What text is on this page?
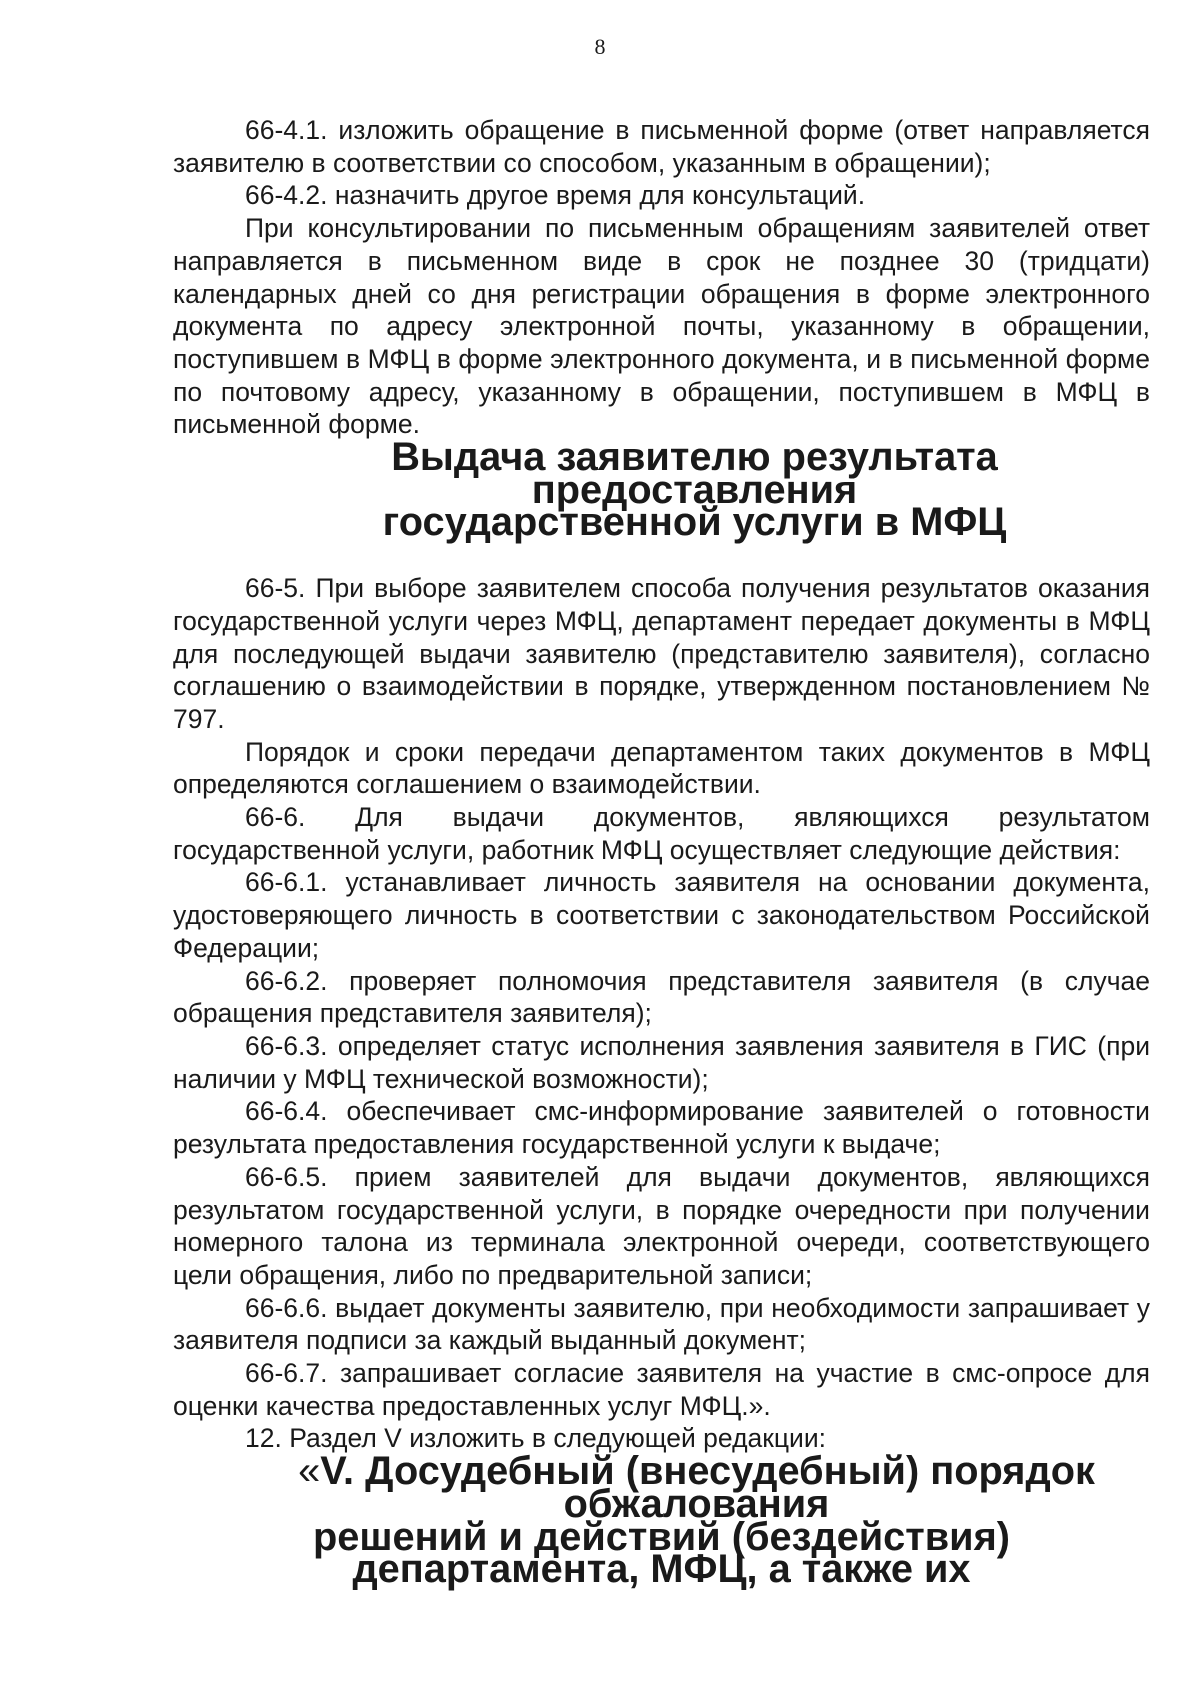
8

66-4.1. изложить обращение в письменной форме (ответ направляется заявителю в соответствии со способом, указанным в обращении);

66-4.2. назначить другое время для консультаций.

При консультировании по письменным обращениям заявителей ответ направляется в письменном виде в срок не позднее 30 (тридцати) календарных дней со дня регистрации обращения в форме электронного документа по адресу электронной почты, указанному в обращении, поступившем в МФЦ в форме электронного документа, и в письменной форме по почтовому адресу, указанному в обращении, поступившем в МФЦ в письменной форме.

Выдача заявителю результата предоставления
государственной услуги в МФЦ

66-5. При выборе заявителем способа получения результатов оказания государственной услуги через МФЦ, департамент передает документы в МФЦ для последующей выдачи заявителю (представителю заявителя), согласно соглашению о взаимодействии в порядке, утвержденном постановлением № 797.

Порядок и сроки передачи департаментом таких документов в МФЦ определяются соглашением о взаимодействии.

66-6. Для выдачи документов, являющихся результатом государственной услуги, работник МФЦ осуществляет следующие действия:

66-6.1. устанавливает личность заявителя на основании документа, удостоверяющего личность в соответствии с законодательством Российской Федерации;

66-6.2. проверяет полномочия представителя заявителя (в случае обращения представителя заявителя);

66-6.3. определяет статус исполнения заявления заявителя в ГИС (при наличии у МФЦ технической возможности);

66-6.4. обеспечивает смс-информирование заявителей о готовности результата предоставления государственной услуги к выдаче;

66-6.5. прием заявителей для выдачи документов, являющихся результатом государственной услуги, в порядке очередности при получении номерного талона из терминала электронной очереди, соответствующего цели обращения, либо по предварительной записи;

66-6.6. выдает документы заявителю, при необходимости запрашивает у заявителя подписи за каждый выданный документ;

66-6.7. запрашивает согласие заявителя на участие в смс-опросе для оценки качества предоставленных услуг МФЦ.».

12. Раздел V изложить в следующей редакции:

«V. Досудебный (внесудебный) порядок обжалования
решений и действий (бездействия) департамента, МФЦ, а также их
